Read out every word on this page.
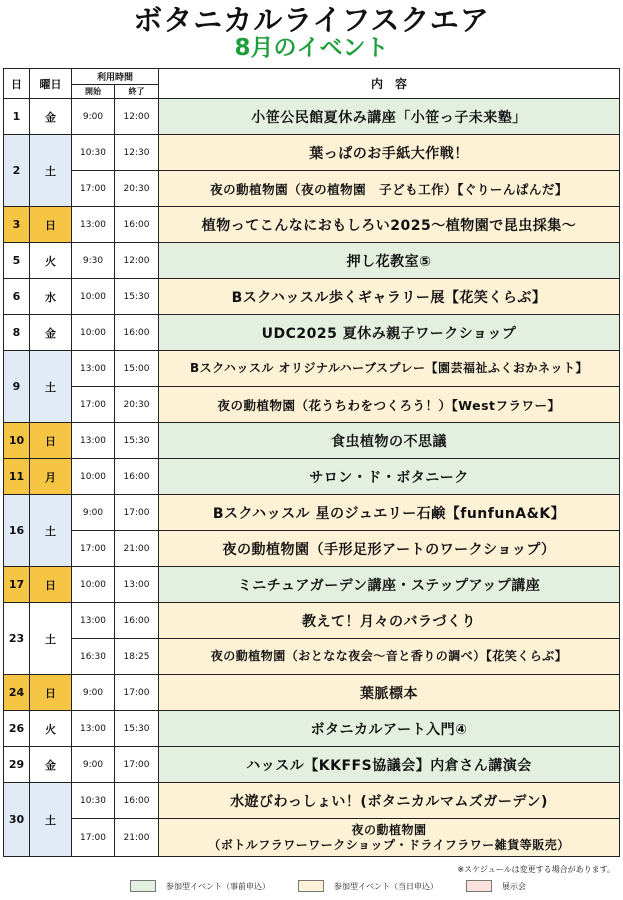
ボタニカルライフスクエア
8月のイベント
日	曜日	利用時間		内　容
		開始	終了	
1	金	9:00	12:00	小笹公民館夏休み講座「小笹っ子未来塾」
2	土	10:30	12:30	葉っぱのお手紙大作戦！
		17:00	20:30	夜の動植物園（夜の植物園　子ども工作）【ぐりーんぱんだ】
3	日	13:00	16:00	植物ってこんなにおもしろい2025～植物園で昆虫採集～
5	火	9:30	12:00	押し花教室⑤
6	水	10:00	15:30	Bスクハッスル歩くギャラリー展【花笑くらぶ】
8	金	10:00	16:00	UDC2025 夏休み親子ワークショップ
9	土	13:00	15:00	Bスクハッスル オリジナルハーブスプレー【園芸福祉ふくおかネット】
		17:00	20:30	夜の動植物園（花うちわをつくろう！）【Westフラワー】
10	日	13:00	15:30	食虫植物の不思議
11	月	10:00	16:00	サロン・ド・ボタニーク
16	土	9:00	17:00	Bスクハッスル 星のジュエリー石鹸【funfunA&K】
		17:00	21:00	夜の動植物園（手形足形アートのワークショップ）
17	日	10:00	13:00	ミニチュアガーデン講座・ステップアップ講座
23	土	13:00	16:00	教えて！月々のバラづくり
		16:30	18:25	夜の動植物園（おとなな夜会～音と香りの調べ）【花笑くらぶ】
24	日	9:00	17:00	葉脈標本
26	火	13:00	15:30	ボタニカルアート入門④
29	金	9:00	17:00	ハッスル【KKFFS協議会】内倉さん講演会
30	土	10:30	16:00	水遊びわっしょい！(ボタニカルマムズガーデン)
		17:00	21:00	夜の動植物園
（ボトルフラワーワークショップ・ドライフラワー雑貨等販売）
※スケジュールは変更する場合があります。
参加型イベント（事前申込）	参加型イベント（当日申込）	展示会
